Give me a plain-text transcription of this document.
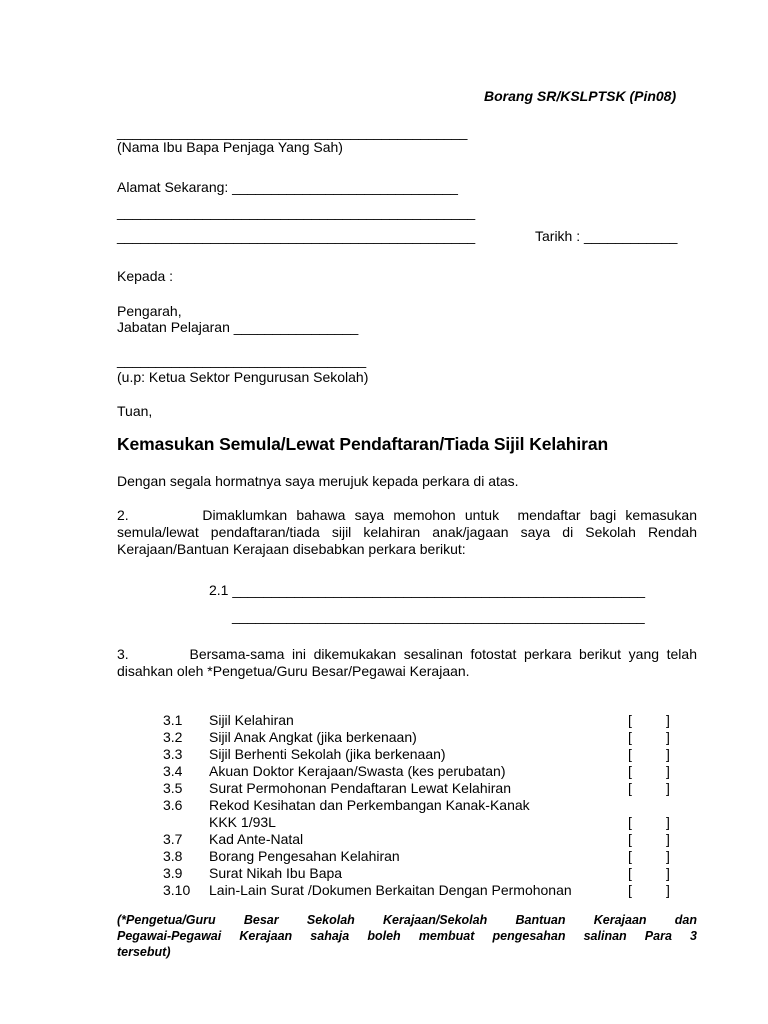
Borang SR/KSLPTSK (Pin08)
_____________________________________________
(Nama Ibu Bapa Penjaga Yang Sah)
Alamat Sekarang: _____________________________
______________________________________________
______________________________________________	Tarikh : ____________
Kepada :
Pengarah,
Jabatan Pelajaran ________________
________________________________
(u.p: Ketua Sektor Pengurusan Sekolah)
Tuan,
Kemasukan Semula/Lewat Pendaftaran/Tiada Sijil Kelahiran
Dengan segala hormatnya saya merujuk kepada perkara di atas.
2.        Dimaklumkan bahawa saya memohon untuk  mendaftar bagi kemasukan
semula/lewat pendaftaran/tiada sijil kelahiran anak/jagaan saya di Sekolah Rendah
Kerajaan/Bantuan Kerajaan disebabkan perkara berikut:
2.1 _____________________________________________________
_____________________________________________________
3.        Bersama-sama ini dikemukakan sesalinan fotostat perkara berikut yang telah
disahkan oleh *Pengetua/Guru Besar/Pegawai Kerajaan.
3.1 Sijil Kelahiran	[ ]
3.2 Sijil Anak Angkat (jika berkenaan)	[ ]
3.3 Sijil Berhenti Sekolah (jika berkenaan)	[ ]
3.4 Akuan Doktor Kerajaan/Swasta (kes perubatan)	[ ]
3.5 Surat Permohonan Pendaftaran Lewat Kelahiran	[ ]
3.6 Rekod Kesihatan dan Perkembangan Kanak-Kanak
KKK 1/93L	[ ]
3.7 Kad Ante-Natal	[ ]
3.8 Borang Pengesahan Kelahiran	[ ]
3.9 Surat Nikah Ibu Bapa	[ ]
3.10 Lain-Lain Surat /Dokumen Berkaitan Dengan Permohonan	[ ]
(*Pengetua/Guru Besar Sekolah Kerajaan/Sekolah Bantuan Kerajaan dan
Pegawai-Pegawai Kerajaan sahaja boleh membuat pengesahan salinan Para 3
tersebut)
